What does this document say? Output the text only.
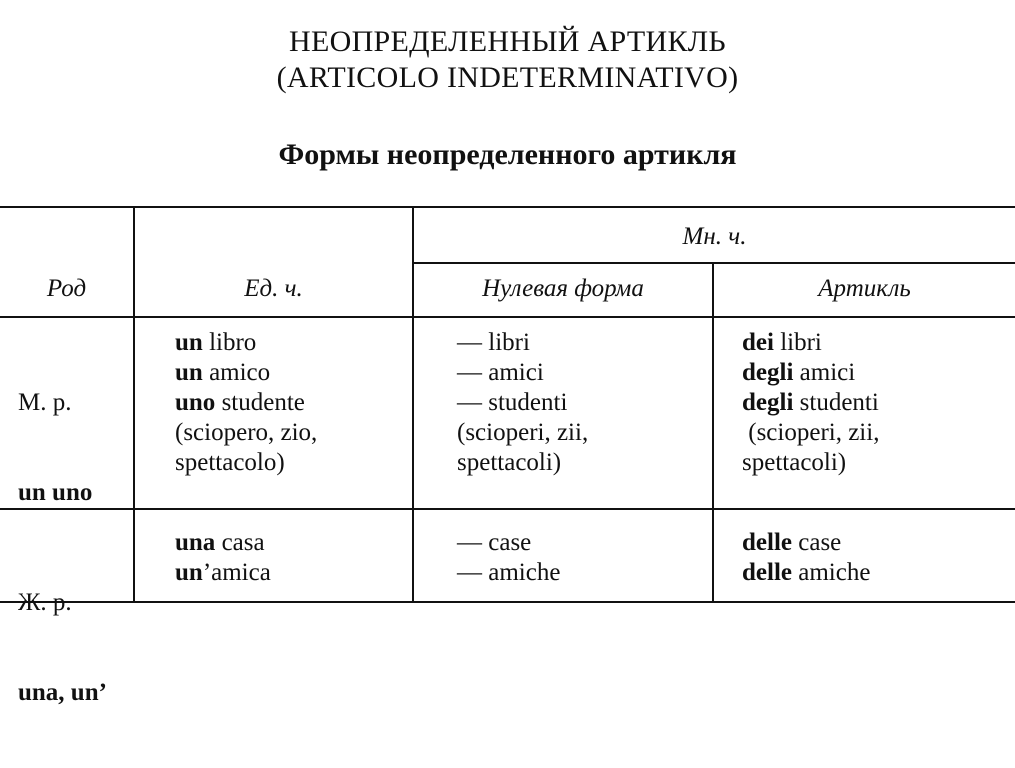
НЕОПРЕДЕЛЕННЫЙ АРТИКЛЬ
(ARTICOLO INDETERMINATIVO)
Формы неопределенного артикля
Род	Ед. ч.
Мн. ч.
Нулевая форма	Артикль

М. р.

un uno

un libro
un amico
uno studente
(sciopero, zio,
spettacolo)
— libri
— amici
— studenti
(scioperi, zii,
spettacoli)
dei libri
degli amici
degli studenti
(scioperi, zii,
spettacoli)

Ж. р.

una, un’

una casa
un’amica
— case
— amiche
delle case
delle amiche
